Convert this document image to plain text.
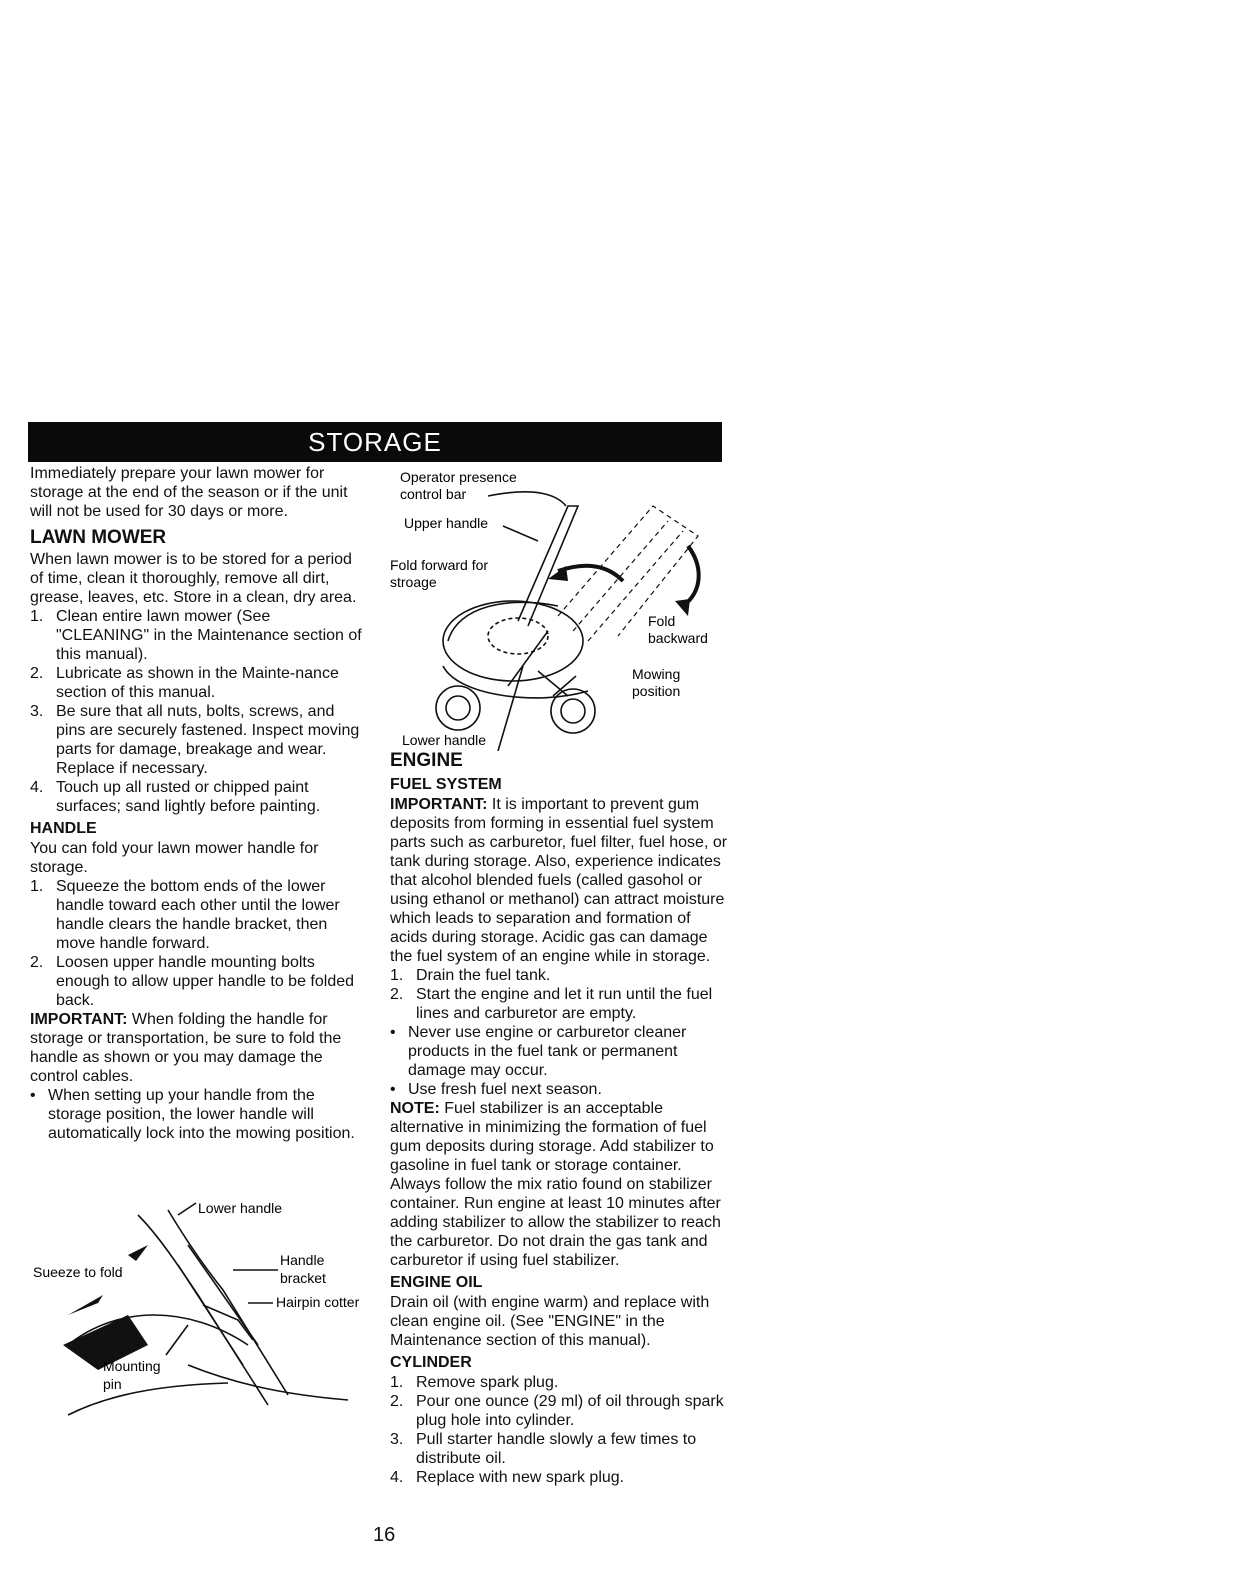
STORAGE

Immediately prepare your lawn mower for storage at the end of the season or if the unit will not be used for 30 days or more.

LAWN MOWER

When lawn mower is to be stored for a period of time, clean it thoroughly, remove all dirt, grease, leaves, etc. Store in a clean, dry area.

1. Clean entire lawn mower (See "CLEANING" in the Maintenance section of this manual).
2. Lubricate as shown in the Mainte-nance section of this manual.
3. Be sure that all nuts, bolts, screws, and pins are securely fastened. Inspect moving parts for damage, breakage and wear. Replace if necessary.
4. Touch up all rusted or chipped paint surfaces; sand lightly before painting.
HANDLE

You can fold your lawn mower handle for storage.

1. Squeeze the bottom ends of the lower handle toward each other until the lower handle clears the handle bracket, then move handle forward.
2. Loosen upper handle mounting bolts enough to allow upper handle to be folded back.

IMPORTANT: When folding the handle for storage or transportation, be sure to fold the handle as shown or you may damage the control cables.

• When setting up your handle from the storage position, the lower handle will automatically lock into the mowing position.
Lower handle
Sueeze to fold
Handle
bracket
Hairpin cotter
Mounting
pin
Operator presence
control bar
Upper handle
Fold forward for
stroage
Fold
backward
Mowing
position
Lower handle
ENGINE
FUEL SYSTEM

IMPORTANT: It is important to prevent gum deposits from forming in essential fuel system parts such as carburetor, fuel filter, fuel hose, or tank during storage. Also, experience indicates that alcohol blended fuels (called gasohol or using ethanol or methanol) can attract moisture which leads to separation and formation of acids during storage. Acidic gas can damage the fuel system of an engine while in storage.

1. Drain the fuel tank.
2. Start the engine and let it run until the fuel lines and carburetor are empty.
• Never use engine or carburetor cleaner products in the fuel tank or permanent damage may occur.
• Use fresh fuel next season.

NOTE: Fuel stabilizer is an acceptable alternative in minimizing the formation of fuel gum deposits during storage. Add stabilizer to gasoline in fuel tank or storage container. Always follow the mix ratio found on stabilizer container. Run engine at least 10 minutes after adding stabilizer to allow the stabilizer to reach the carburetor. Do not drain the gas tank and carburetor if using fuel stabilizer.

ENGINE OIL

Drain oil (with engine warm) and replace with clean engine oil. (See "ENGINE" in the Maintenance section of this manual).

CYLINDER
1. Remove spark plug.
2. Pour one ounce (29 ml) of oil through spark plug hole into cylinder.
3. Pull starter handle slowly a few times to distribute oil.
4. Replace with new spark plug.
16
